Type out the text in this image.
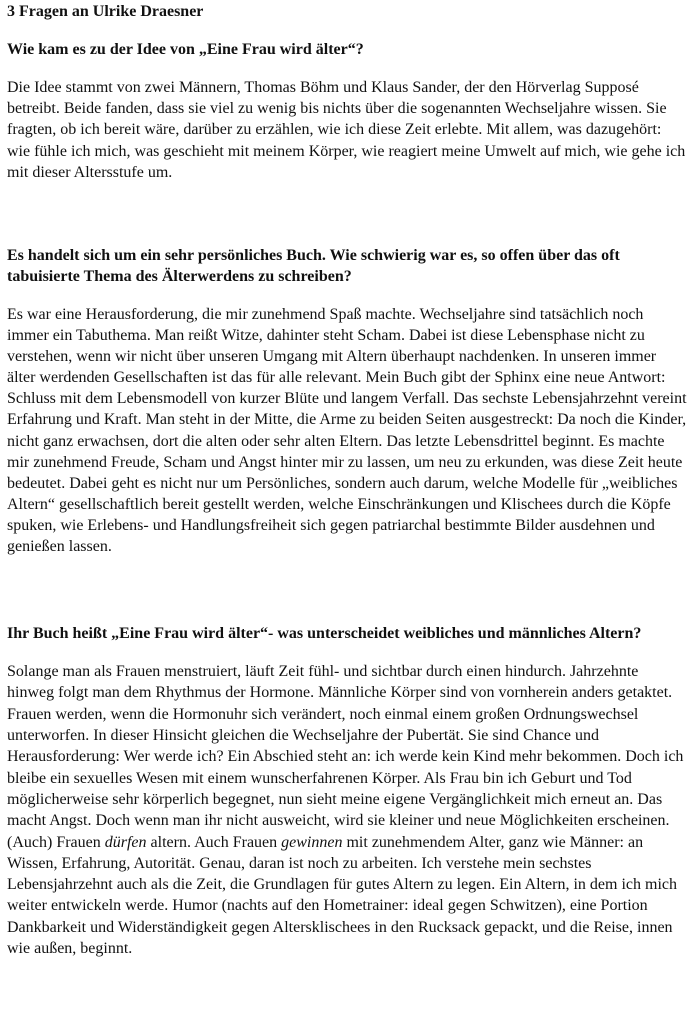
3 Fragen an Ulrike Draesner
Wie kam es zu der Idee von „Eine Frau wird älter“?

Die Idee stammt von zwei Männern, Thomas Böhm und Klaus Sander, der den Hörverlag Supposé betreibt. Beide fanden, dass sie viel zu wenig bis nichts über die sogenannten Wechseljahre wissen. Sie fragten, ob ich bereit wäre, darüber zu erzählen, wie ich diese Zeit erlebte. Mit allem, was dazugehört: wie fühle ich mich, was geschieht mit meinem Körper, wie reagiert meine Umwelt auf mich, wie gehe ich mit dieser Altersstufe um.

Es handelt sich um ein sehr persönliches Buch. Wie schwierig war es, so offen über das oft tabuisierte Thema des Älterwerdens zu schreiben?

Es war eine Herausforderung, die mir zunehmend Spaß machte. Wechseljahre sind tatsächlich noch immer ein Tabuthema. Man reißt Witze, dahinter steht Scham. Dabei ist diese Lebensphase nicht zu verstehen, wenn wir nicht über unseren Umgang mit Altern überhaupt nachdenken. In unseren immer älter werdenden Gesellschaften ist das für alle relevant. Mein Buch gibt der Sphinx eine neue Antwort: Schluss mit dem Lebensmodell von kurzer Blüte und langem Verfall. Das sechste Lebensjahrzehnt vereint Erfahrung und Kraft. Man steht in der Mitte, die Arme zu beiden Seiten ausgestreckt: Da noch die Kinder, nicht ganz erwachsen, dort die alten oder sehr alten Eltern. Das letzte Lebensdrittel beginnt. Es machte mir zunehmend Freude, Scham und Angst hinter mir zu lassen, um neu zu erkunden, was diese Zeit heute bedeutet. Dabei geht es nicht nur um Persönliches, sondern auch darum, welche Modelle für „weibliches Altern“ gesellschaftlich bereit gestellt werden, welche Einschränkungen und Klischees durch die Köpfe spuken, wie Erlebens- und Handlungsfreiheit sich gegen patriarchal bestimmte Bilder ausdehnen und genießen lassen.

Ihr Buch heißt „Eine Frau wird älter“- was unterscheidet weibliches und männliches Altern?

Solange man als Frauen menstruiert, läuft Zeit fühl- und sichtbar durch einen hindurch. Jahrzehnte hinweg folgt man dem Rhythmus der Hormone. Männliche Körper sind von vornherein anders getaktet. Frauen werden, wenn die Hormonuhr sich verändert, noch einmal einem großen Ordnungswechsel unterworfen. In dieser Hinsicht gleichen die Wechseljahre der Pubertät. Sie sind Chance und Herausforderung: Wer werde ich? Ein Abschied steht an: ich werde kein Kind mehr bekommen. Doch ich bleibe ein sexuelles Wesen mit einem wunscherfahrenen Körper. Als Frau bin ich Geburt und Tod möglicherweise sehr körperlich begegnet, nun sieht meine eigene Vergänglichkeit mich erneut an. Das macht Angst. Doch wenn man ihr nicht ausweicht, wird sie kleiner und neue Möglichkeiten erscheinen. (Auch) Frauen dürfen altern. Auch Frauen gewinnen mit zunehmendem Alter, ganz wie Männer: an Wissen, Erfahrung, Autorität. Genau, daran ist noch zu arbeiten. Ich verstehe mein sechstes Lebensjahrzehnt auch als die Zeit, die Grundlagen für gutes Altern zu legen. Ein Altern, in dem ich mich weiter entwickeln werde. Humor (nachts auf den Hometrainer: ideal gegen Schwitzen), eine Portion Dankbarkeit und Widerständigkeit gegen Altersklischees in den Rucksack gepackt, und die Reise, innen wie außen, beginnt.
